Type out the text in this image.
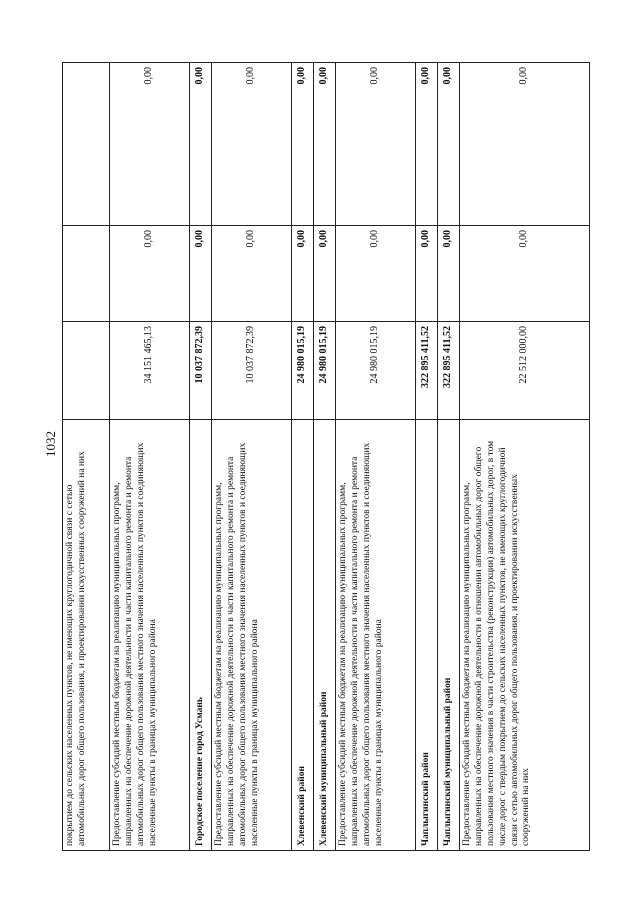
1032
покрытием до сельских населенных пунктов, не имеющих круглогодичной связи с сетью автомобильных дорог общего пользования, и проектировании искусственных сооружений на них			
Предоставление субсидий местным бюджетам на реализацию муниципальных программ, направленных на обеспечение дорожной деятельности в части капитального ремонта и ремонта автомобильных дорог общего пользования местного значения населенных пунктов и соединяющих населенные пункты в границах муниципального района	34 151 465,13	0,00	0,00
Городское поселение город Усмань	10 037 872,39	0,00	0,00
Предоставление субсидий местным бюджетам на реализацию муниципальных программ, направленных на обеспечение дорожной деятельности в части капитального ремонта и ремонта автомобильных дорог общего пользования местного значения населенных пунктов и соединяющих населенные пункты в границах муниципального района	10 037 872,39	0,00	0,00
Хлевенский район	24 980 015,19	0,00	0,00
Хлевенский муниципальный район	24 980 015,19	0,00	0,00
Предоставление субсидий местным бюджетам на реализацию муниципальных программ, направленных на обеспечение дорожной деятельности в части капитального ремонта и ремонта автомобильных дорог общего пользования местного значения населенных пунктов и соединяющих населенные пункты в границах муниципального района	24 980 015,19	0,00	0,00
Чаплыгинский район	322 895 411,52	0,00	0,00
Чаплыгинский муниципальный район	322 895 411,52	0,00	0,00
Предоставление субсидий местным бюджетам на реализацию муниципальных программ, направленных на обеспечение дорожной деятельности в отношении автомобильных дорог общего пользования местного значения в части строительства (реконструкции) автомобильных дорог, в том числе дорог с твердым покрытием до сельских населенных пунктов, не имеющих круглогодичной связи с сетью автомобильных дорог общего пользования, и проектировании искусственных сооружений на них	22 512 000,00	0,00	0,00
